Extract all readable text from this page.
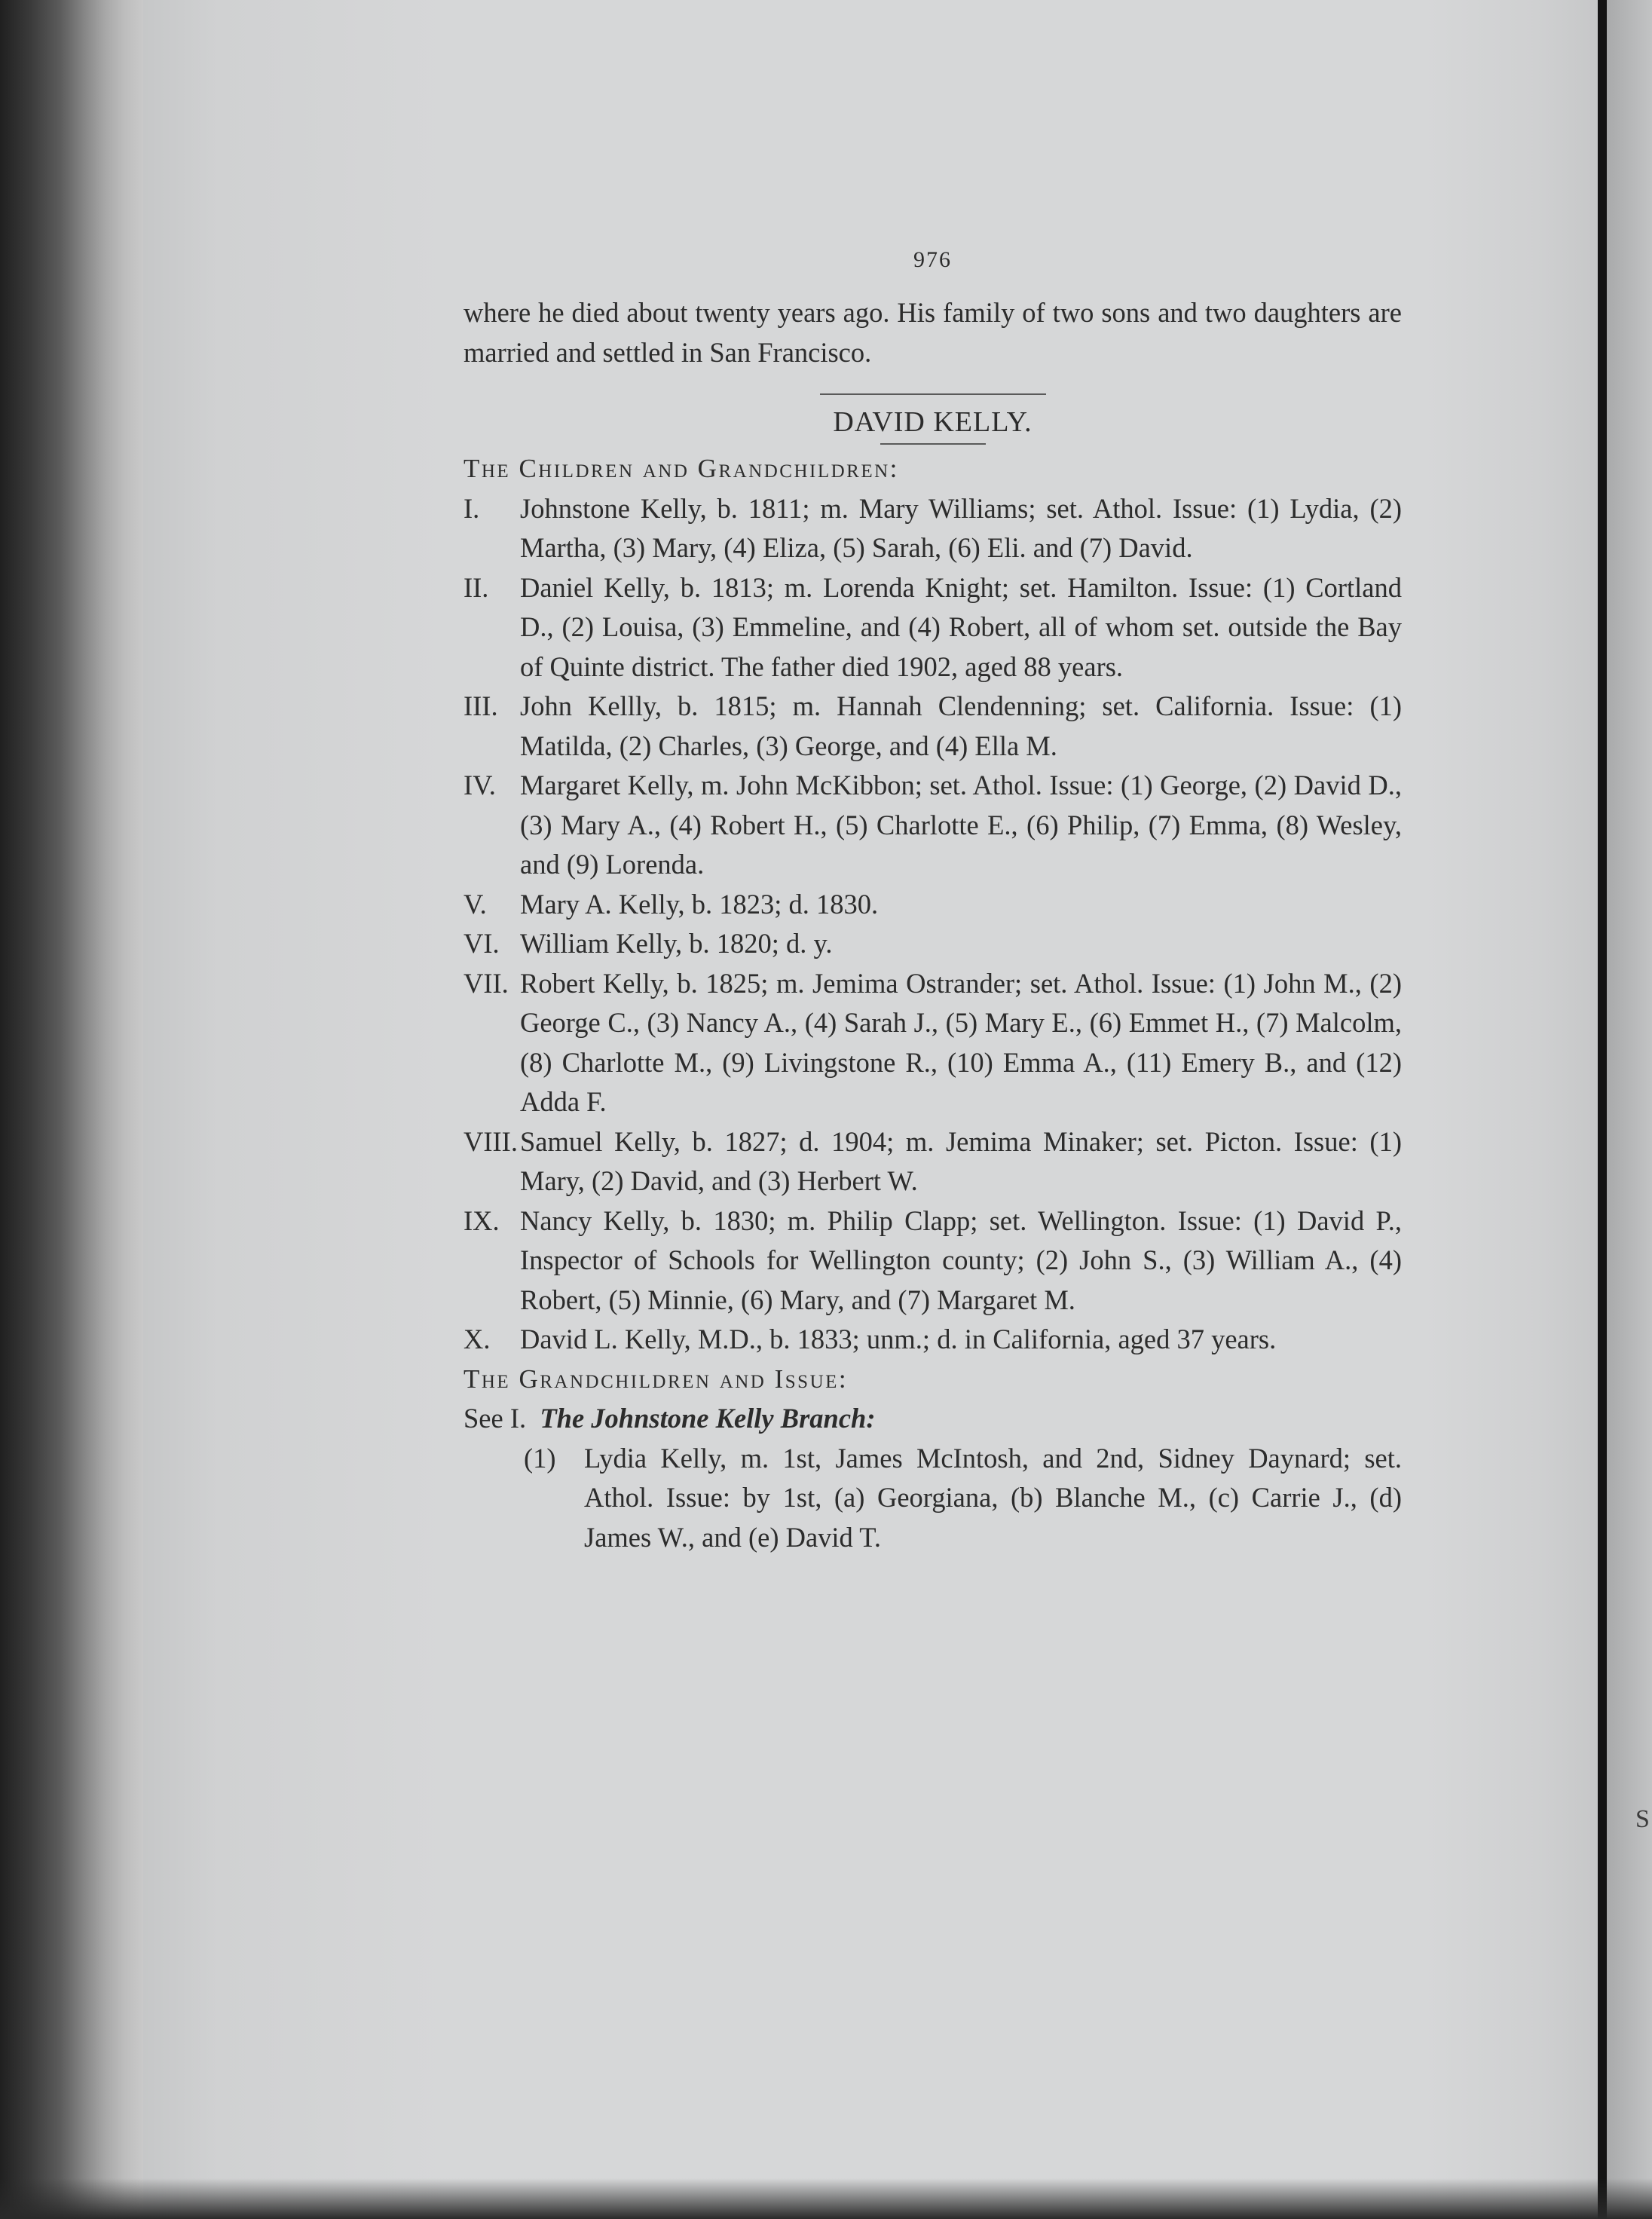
S
976
where he died about twenty years ago. His family of two sons and two daughters are married and settled in San Francisco.
DAVID KELLY.
The Children and Grandchildren:
I. Johnstone Kelly, b. 1811; m. Mary Williams; set. Athol. Issue: (1) Lydia, (2) Martha, (3) Mary, (4) Eliza, (5) Sarah, (6) Eli. and (7) David.
II. Daniel Kelly, b. 1813; m. Lorenda Knight; set. Hamilton. Issue: (1) Cortland D., (2) Louisa, (3) Emmeline, and (4) Robert, all of whom set. outside the Bay of Quinte district. The father died 1902, aged 88 years.
III. John Kellly, b. 1815; m. Hannah Clendenning; set. California. Issue: (1) Matilda, (2) Charles, (3) George, and (4) Ella M.
IV. Margaret Kelly, m. John McKibbon; set. Athol. Issue: (1) George, (2) David D., (3) Mary A., (4) Robert H., (5) Charlotte E., (6) Philip, (7) Emma, (8) Wesley, and (9) Lorenda.
V. Mary A. Kelly, b. 1823; d. 1830.
VI. William Kelly, b. 1820; d. y.
VII. Robert Kelly, b. 1825; m. Jemima Ostrander; set. Athol. Issue: (1) John M., (2) George C., (3) Nancy A., (4) Sarah J., (5) Mary E., (6) Emmet H., (7) Malcolm, (8) Charlotte M., (9) Livingstone R., (10) Emma A., (11) Emery B., and (12) Adda F.
VIII. Samuel Kelly, b. 1827; d. 1904; m. Jemima Minaker; set. Picton. Issue: (1) Mary, (2) David, and (3) Herbert W.
IX. Nancy Kelly, b. 1830; m. Philip Clapp; set. Wellington. Issue: (1) David P., Inspector of Schools for Wellington county; (2) John S., (3) William A., (4) Robert, (5) Minnie, (6) Mary, and (7) Margaret M.
X. David L. Kelly, M.D., b. 1833; unm.; d. in California, aged 37 years.
The Grandchildren and Issue:
See I. The Johnstone Kelly Branch:
(1) Lydia Kelly, m. 1st, James McIntosh, and 2nd, Sidney Daynard; set. Athol. Issue: by 1st, (a) Georgiana, (b) Blanche M., (c) Carrie J., (d) James W., and (e) David T.
